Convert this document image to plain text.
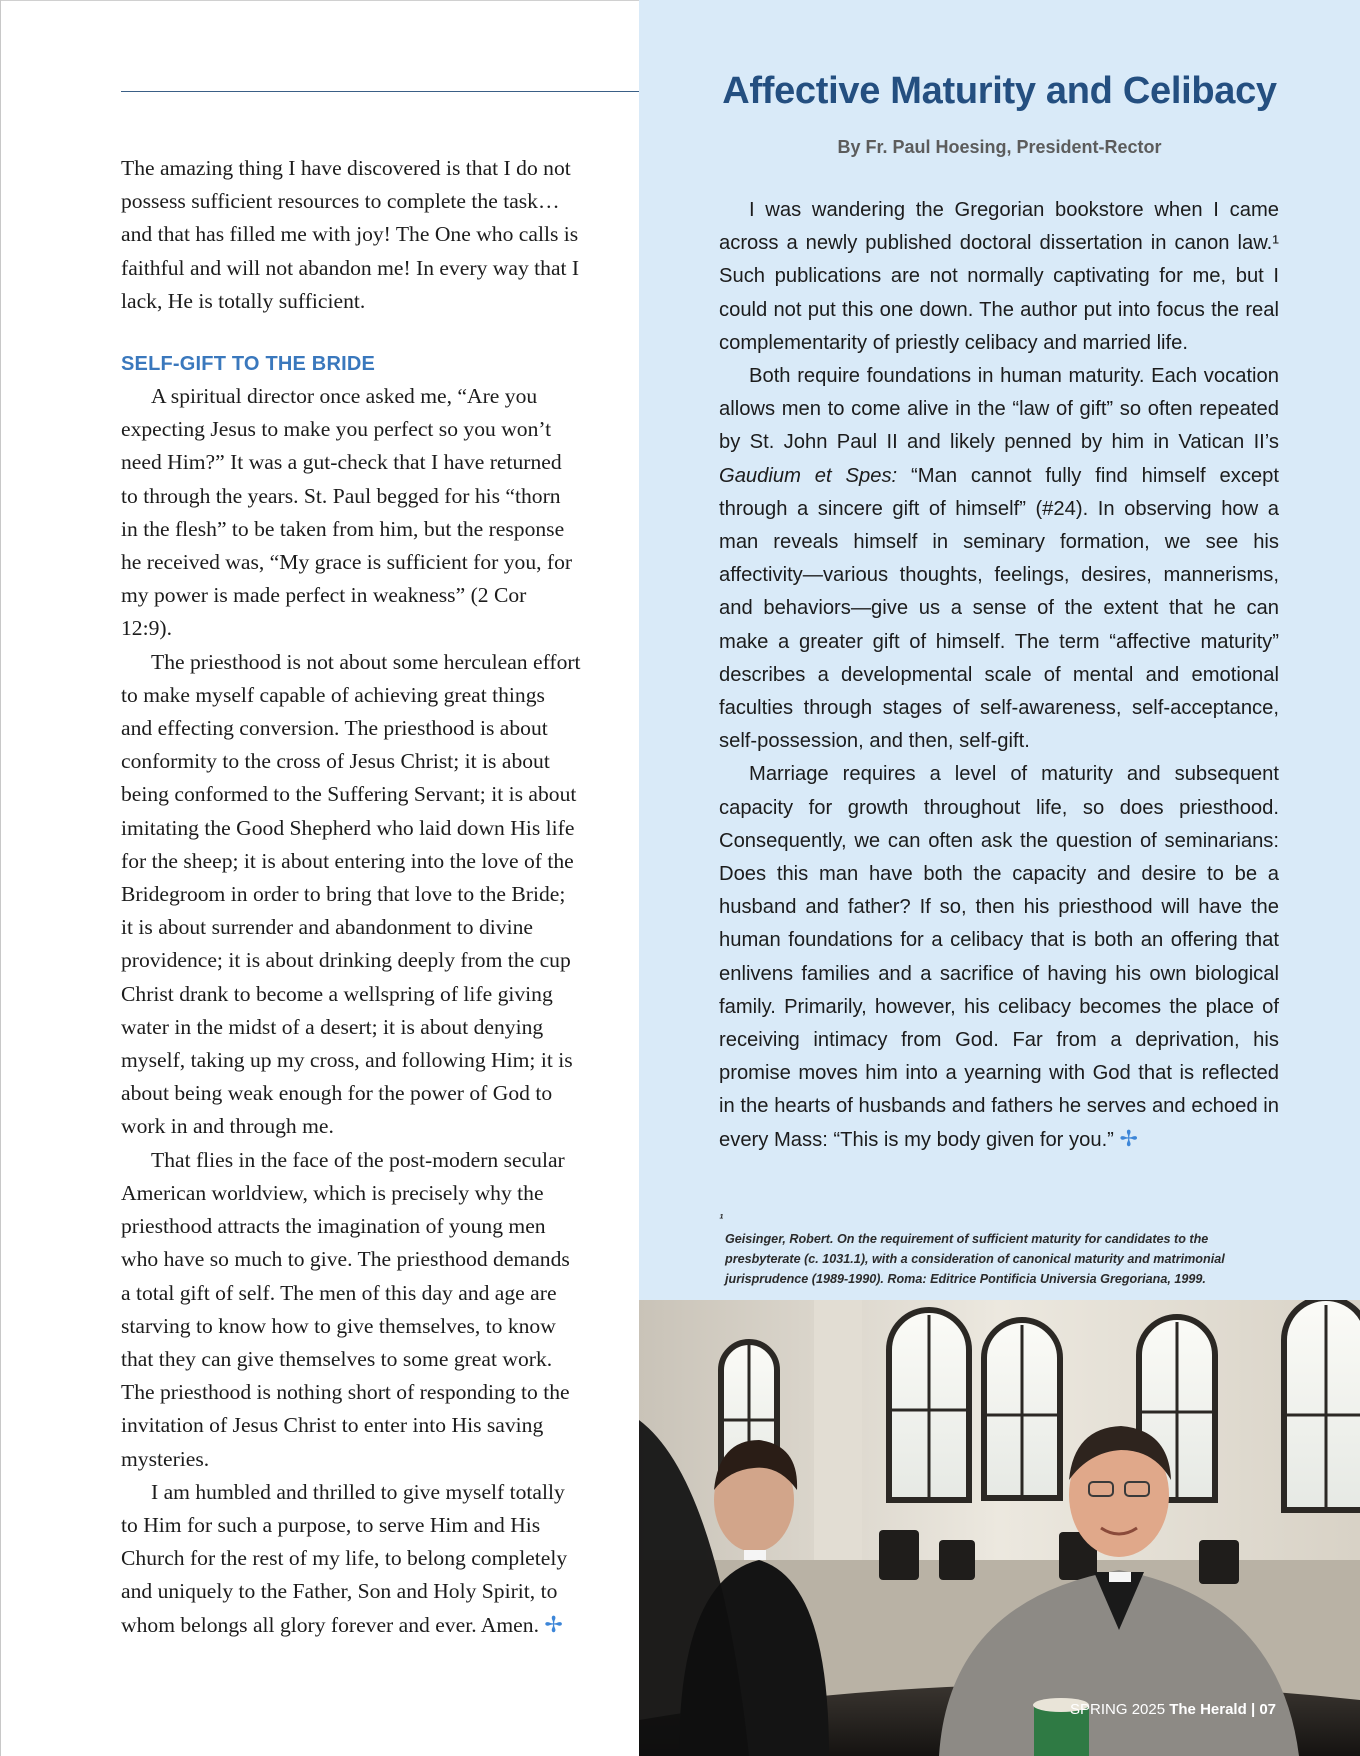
The amazing thing I have discovered is that I do not possess sufficient resources to complete the task… and that has filled me with joy! The One who calls is faithful and will not abandon me! In every way that I lack, He is totally sufficient.

SELF-GIFT TO THE BRIDE

A spiritual director once asked me, “Are you expecting Jesus to make you perfect so you won’t need Him?” It was a gut-check that I have returned to through the years. St. Paul begged for his “thorn in the flesh” to be taken from him, but the response he received was, “My grace is sufficient for you, for my power is made perfect in weakness” (2 Cor 12:9).

The priesthood is not about some herculean effort to make myself capable of achieving great things and effecting conversion. The priesthood is about conformity to the cross of Jesus Christ; it is about being conformed to the Suffering Servant; it is about imitating the Good Shepherd who laid down His life for the sheep; it is about entering into the love of the Bridegroom in order to bring that love to the Bride; it is about surrender and abandonment to divine providence; it is about drinking deeply from the cup Christ drank to become a wellspring of life giving water in the midst of a desert; it is about denying myself, taking up my cross, and following Him; it is about being weak enough for the power of God to work in and through me.

That flies in the face of the post-modern secular American worldview, which is precisely why the priesthood attracts the imagination of young men who have so much to give. The priesthood demands a total gift of self. The men of this day and age are starving to know how to give themselves, to know that they can give themselves to some great work. The priesthood is nothing short of responding to the invitation of Jesus Christ to enter into His saving mysteries.

I am humbled and thrilled to give myself totally to Him for such a purpose, to serve Him and His Church for the rest of my life, to belong completely and uniquely to the Father, Son and Holy Spirit, to whom belongs all glory forever and ever. Amen. ✢

Affective Maturity and Celibacy
By Fr. Paul Hoesing, President-Rector

I was wandering the Gregorian bookstore when I came across a newly published doctoral dissertation in canon law.¹ Such publications are not normally captivating for me, but I could not put this one down. The author put into focus the real complementarity of priestly celibacy and married life.

Both require foundations in human maturity. Each vocation allows men to come alive in the “law of gift” so often repeated by St. John Paul II and likely penned by him in Vatican II’s Gaudium et Spes: “Man cannot fully find himself except through a sincere gift of himself” (#24). In observing how a man reveals himself in seminary formation, we see his affectivity—various thoughts, feelings, desires, mannerisms, and behaviors—give us a sense of the extent that he can make a greater gift of himself. The term “affective maturity” describes a developmental scale of mental and emotional faculties through stages of self-awareness, self-acceptance, self-possession, and then, self-gift.

Marriage requires a level of maturity and subsequent capacity for growth throughout life, so does priesthood. Consequently, we can often ask the question of seminarians: Does this man have both the capacity and desire to be a husband and father? If so, then his priesthood will have the human foundations for a celibacy that is both an offering that enlivens families and a sacrifice of having his own biological family. Primarily, however, his celibacy becomes the place of receiving intimacy from God. Far from a deprivation, his promise moves him into a yearning with God that is reflected in the hearts of husbands and fathers he serves and echoed in every Mass: “This is my body given for you.” ✢

¹
Geisinger, Robert. On the requirement of sufficient maturity for candidates to the presbyterate (c. 1031.1), with a consideration of canonical maturity and matrimonial jurisprudence (1989-1990). Roma: Editrice Pontificia Universia Gregoriana, 1999.
SPRING 2025 The Herald | 07
